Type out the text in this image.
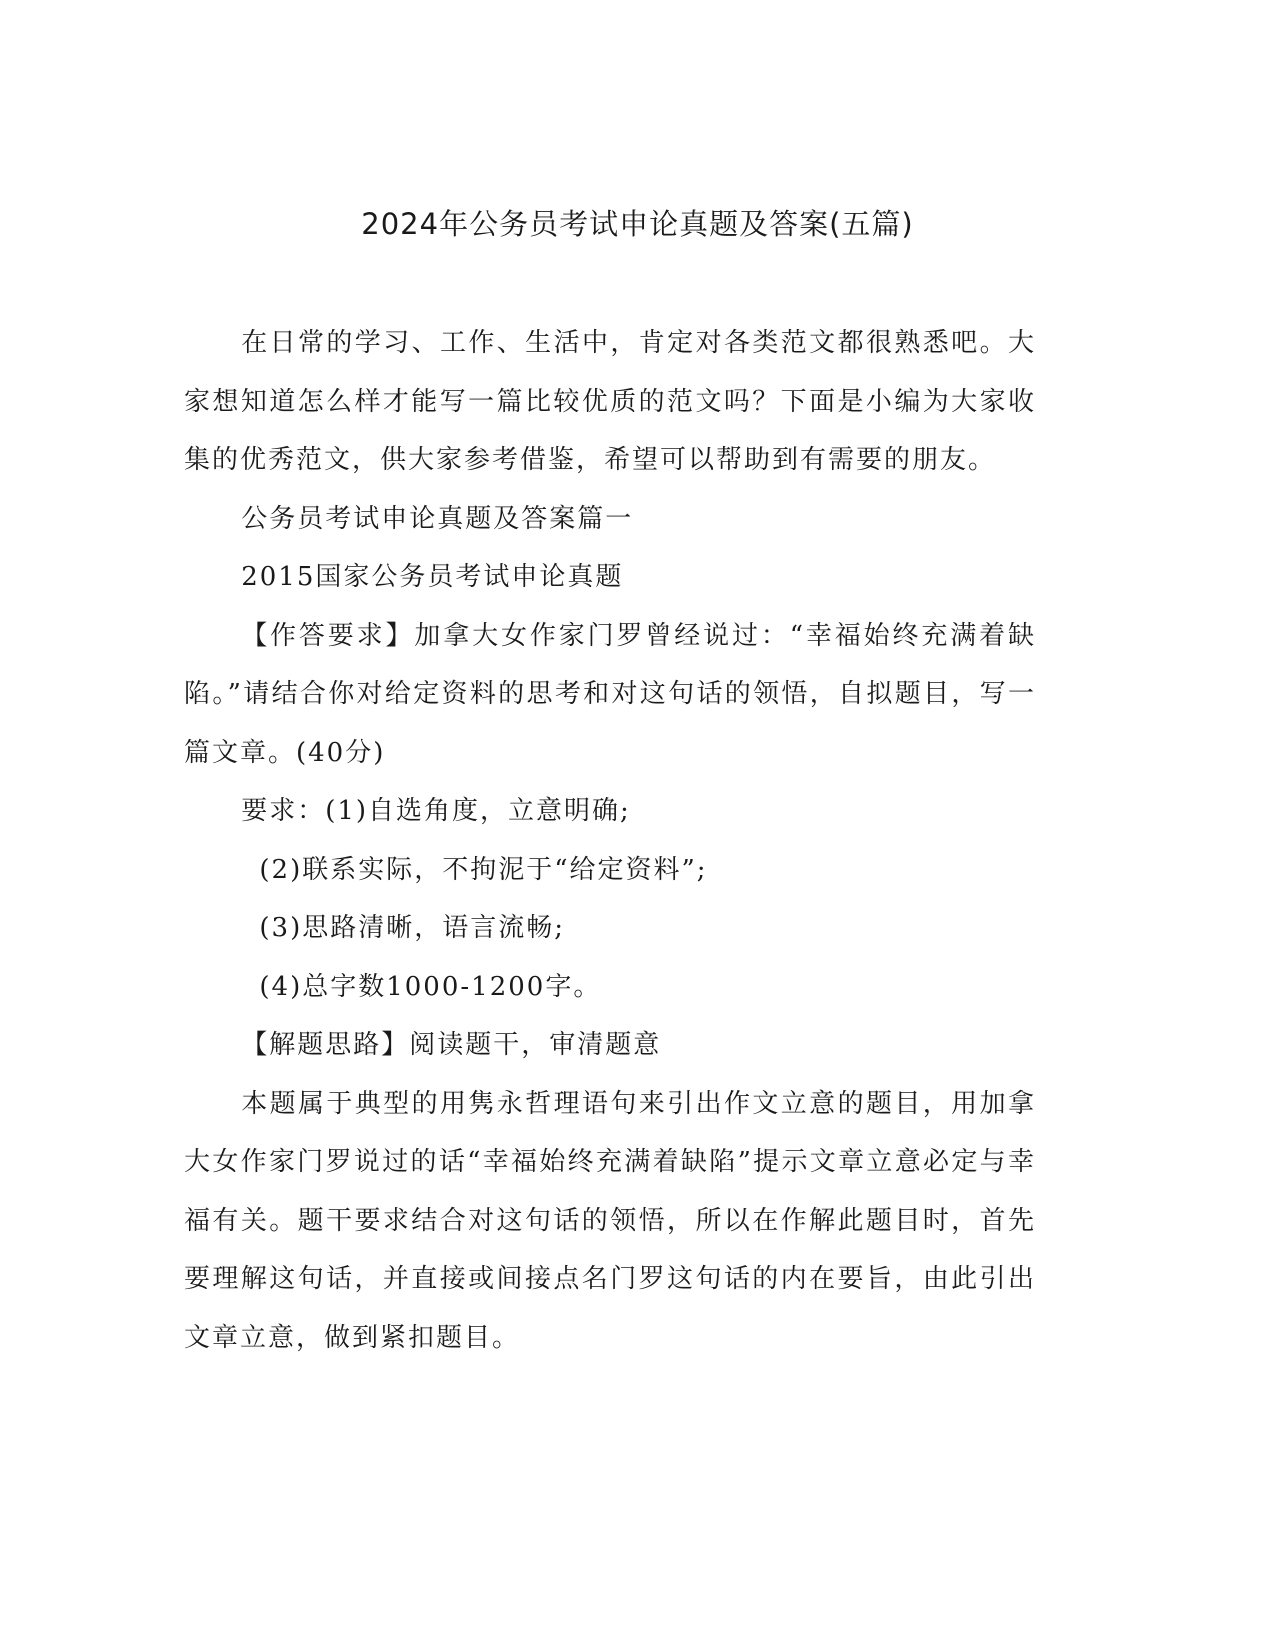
2024年公务员考试申论真题及答案(五篇)

在日常的学习、工作、生活中，肯定对各类范文都很熟悉吧。大家想知道怎么样才能写一篇比较优质的范文吗？下面是小编为大家收集的优秀范文，供大家参考借鉴，希望可以帮助到有需要的朋友。

公务员考试申论真题及答案篇一

2015国家公务员考试申论真题

【作答要求】加拿大女作家门罗曾经说过：“幸福始终充满着缺陷。”请结合你对给定资料的思考和对这句话的领悟，自拟题目，写一篇文章。(40分)

要求：(1)自选角度，立意明确;

(2)联系实际，不拘泥于“给定资料”;

(3)思路清晰，语言流畅;

(4)总字数1000-1200字。

【解题思路】阅读题干，审清题意

本题属于典型的用隽永哲理语句来引出作文立意的题目，用加拿大女作家门罗说过的话“幸福始终充满着缺陷”提示文章立意必定与幸福有关。题干要求结合对这句话的领悟，所以在作解此题目时，首先要理解这句话，并直接或间接点名门罗这句话的内在要旨，由此引出文章立意，做到紧扣题目。
